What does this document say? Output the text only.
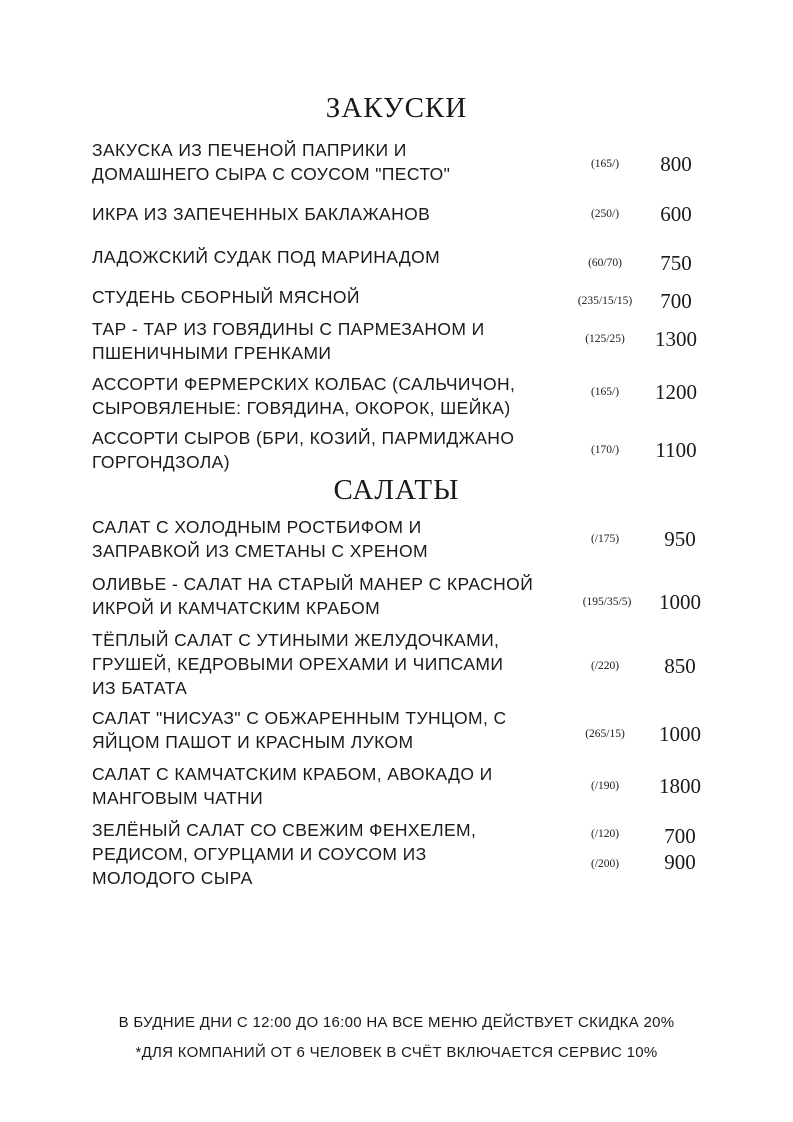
ЗАКУСКИ
ЗАКУСКА ИЗ ПЕЧЕНОЙ ПАПРИКИ И
ДОМАШНЕГО СЫРА С СОУСОМ "ПЕСТО"	(165/)	800
ИКРА ИЗ ЗАПЕЧЕННЫХ БАКЛАЖАНОВ	(250/)	600
ЛАДОЖСКИЙ СУДАК ПОД МАРИНАДОМ	(60/70)	750
СТУДЕНЬ СБОРНЫЙ МЯСНОЙ	(235/15/15)	700
ТАР - ТАР ИЗ ГОВЯДИНЫ С ПАРМЕЗАНОМ И
ПШЕНИЧНЫМИ ГРЕНКАМИ
(125/25)	1300
АССОРТИ ФЕРМЕРСКИХ КОЛБАС (САЛЬЧИЧОН,
СЫРОВЯЛЕНЫЕ: ГОВЯДИНА, ОКОРОК, ШЕЙКА)
(165/)	1200
АССОРТИ СЫРОВ (БРИ, КОЗИЙ, ПАРМИДЖАНО
ГОРГОНДЗОЛА)
(170/)	1100
САЛАТЫ
САЛАТ С ХОЛОДНЫМ РОСТБИФОМ И
ЗАПРАВКОЙ ИЗ СМЕТАНЫ С ХРЕНОМ
(/175)	950
ОЛИВЬЕ - САЛАТ НА СТАРЫЙ МАНЕР С КРАСНОЙ
ИКРОЙ И КАМЧАТСКИМ КРАБОМ	(195/35/5)	1000
ТЁПЛЫЙ САЛАТ С УТИНЫМИ ЖЕЛУДОЧКАМИ,
ГРУШЕЙ, КЕДРОВЫМИ ОРЕХАМИ И ЧИПСАМИ
ИЗ БАТАТА
(/220)	850
САЛАТ "НИСУАЗ" С ОБЖАРЕННЫМ ТУНЦОМ, С
ЯЙЦОМ ПАШОТ И КРАСНЫМ ЛУКОМ	(265/15)	1000
САЛАТ С КАМЧАТСКИМ КРАБОМ, АВОКАДО И
МАНГОВЫМ ЧАТНИ
(/190)	1800
ЗЕЛЁНЫЙ САЛАТ СО СВЕЖИМ ФЕНХЕЛЕМ,
РЕДИСОМ, ОГУРЦАМИ И СОУСОМ ИЗ
МОЛОДОГО СЫРА
(/120)	700
(/200)	900
В БУДНИЕ ДНИ С 12:00 ДО 16:00 НА ВСЕ МЕНЮ ДЕЙСТВУЕТ СКИДКА 20%
*ДЛЯ КОМПАНИЙ ОТ 6 ЧЕЛОВЕК В СЧЁТ ВКЛЮЧАЕТСЯ СЕРВИС 10%
